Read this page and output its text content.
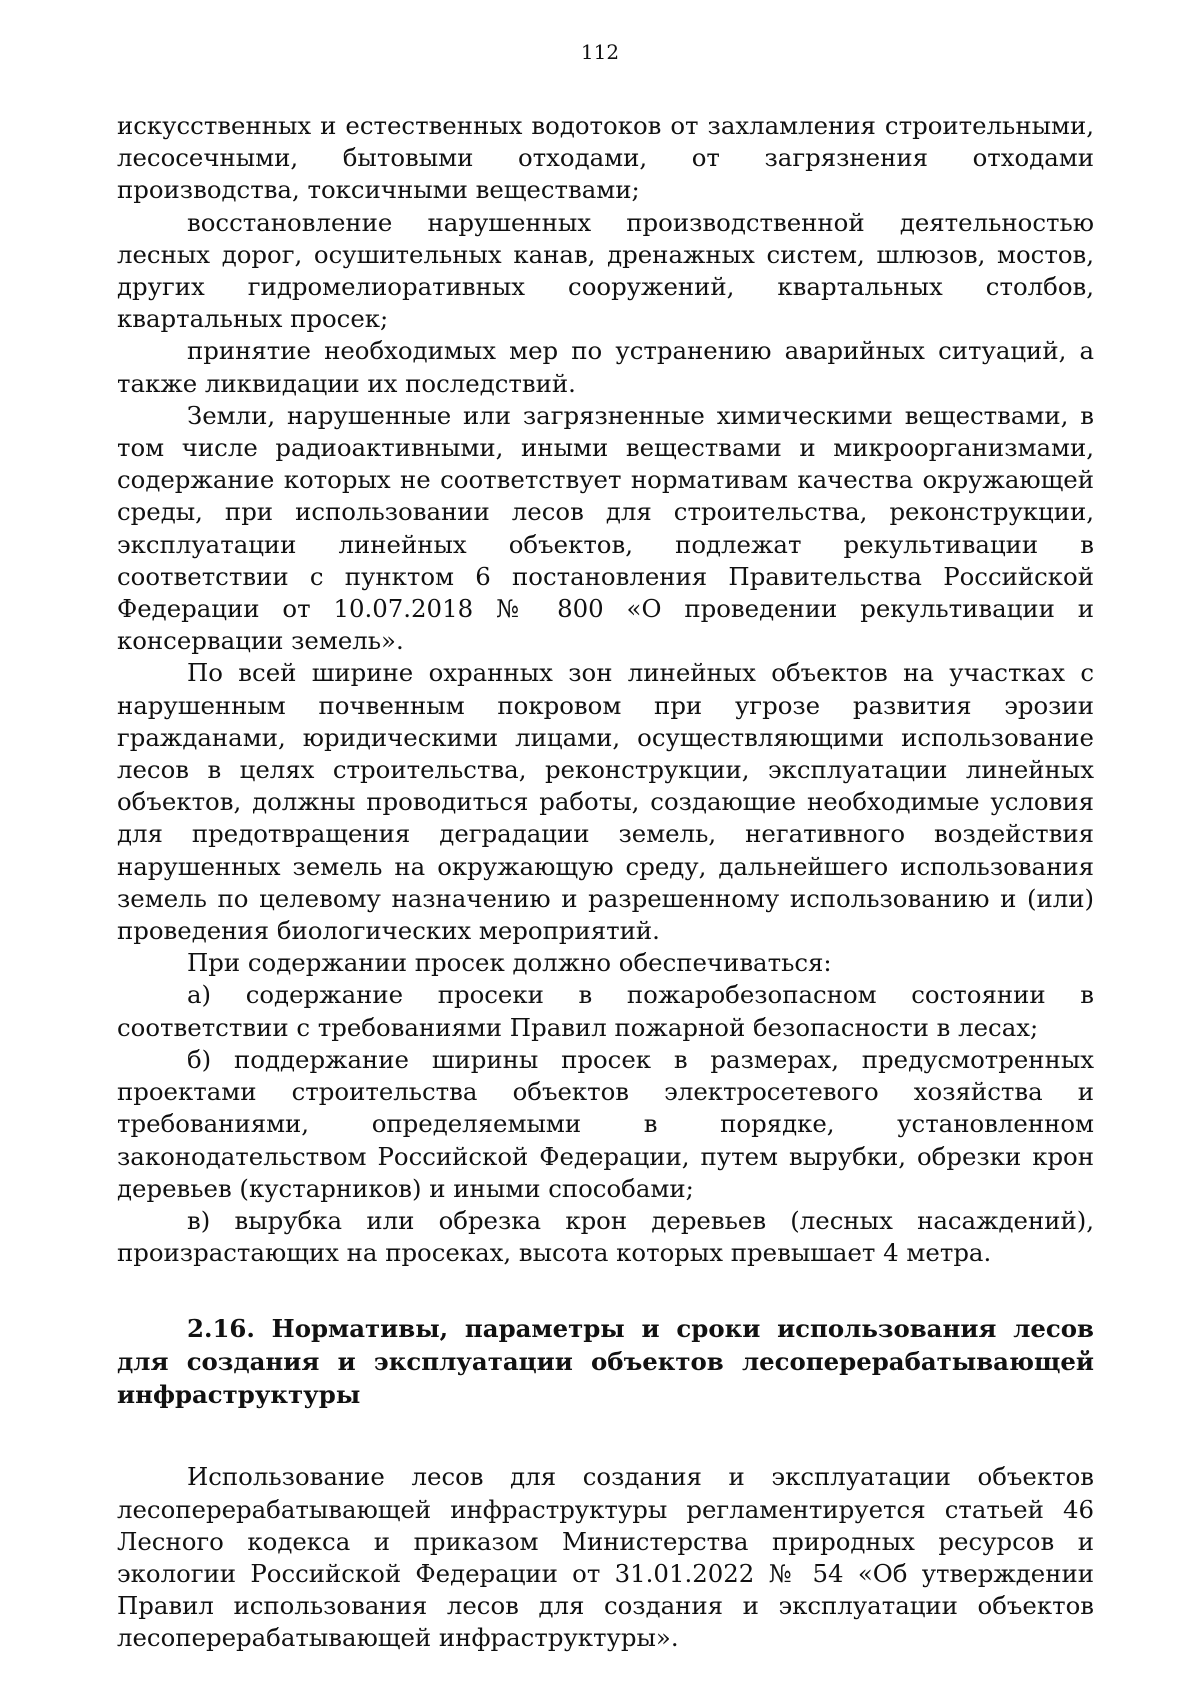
112

искусственных и естественных водотоков от захламления строительными, лесосечными, бытовыми отходами, от загрязнения отходами производства, токсичными веществами;

восстановление нарушенных производственной деятельностью лесных дорог, осушительных канав, дренажных систем, шлюзов, мостов, других гидромелиоративных сооружений, квартальных столбов, квартальных просек;

принятие необходимых мер по устранению аварийных ситуаций, а также ликвидации их последствий.

Земли, нарушенные или загрязненные химическими веществами, в том числе радиоактивными, иными веществами и микроорганизмами, содержание которых не соответствует нормативам качества окружающей среды, при использовании лесов для строительства, реконструкции, эксплуатации линейных объектов, подлежат рекультивации в соответствии с пунктом 6 постановления Правительства Российской Федерации от 10.07.2018 № 800 «О проведении рекультивации и консервации земель».

По всей ширине охранных зон линейных объектов на участках с нарушенным почвенным покровом при угрозе развития эрозии гражданами, юридическими лицами, осуществляющими использование лесов в целях строительства, реконструкции, эксплуатации линейных объектов, должны проводиться работы, создающие необходимые условия для предотвращения деградации земель, негативного воздействия нарушенных земель на окружающую среду, дальнейшего использования земель по целевому назначению и разрешенному использованию и (или) проведения биологических мероприятий.

При содержании просек должно обеспечиваться:

а) содержание просеки в пожаробезопасном состоянии в соответствии с требованиями Правил пожарной безопасности в лесах;

б) поддержание ширины просек в размерах, предусмотренных проектами строительства объектов электросетевого хозяйства и требованиями, определяемыми в порядке, установленном законодательством Российской Федерации, путем вырубки, обрезки крон деревьев (кустарников) и иными способами;

в) вырубка или обрезка крон деревьев (лесных насаждений), произрастающих на просеках, высота которых превышает 4 метра.

2.16. Нормативы, параметры и сроки использования лесов для создания и эксплуатации объектов лесоперерабатывающей инфраструктуры

Использование лесов для создания и эксплуатации объектов лесоперерабатывающей инфраструктуры регламентируется статьей 46 Лесного кодекса и приказом Министерства природных ресурсов и экологии Российской Федерации от 31.01.2022 № 54 «Об утверждении Правил использования лесов для создания и эксплуатации объектов лесоперерабатывающей инфраструктуры».
